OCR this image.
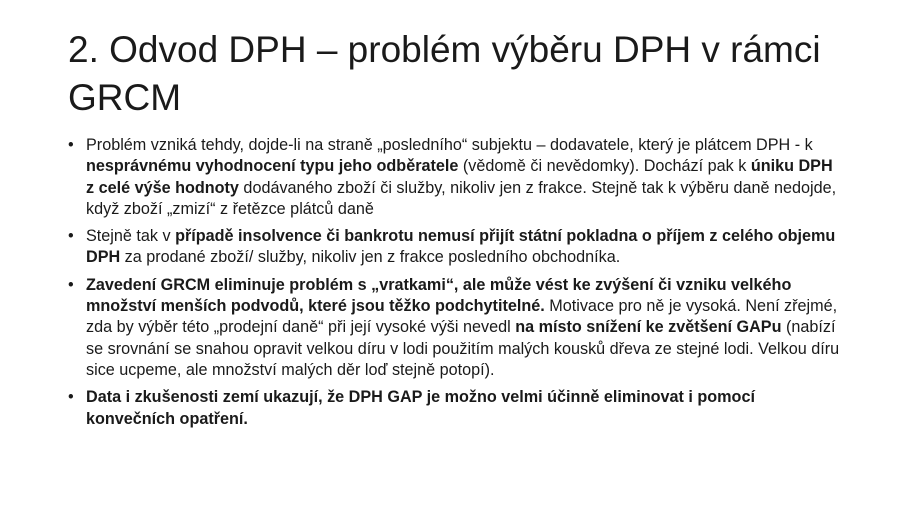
2. Odvod DPH – problém výběru DPH v rámci GRCM
• Problém vzniká tehdy, dojde-li na straně „posledního“ subjektu – dodavatele, který je plátcem DPH - k nesprávnému vyhodnocení typu jeho odběratele (vědomě či nevědomky). Dochází pak k úniku DPH z celé výše hodnoty dodávaného zboží či služby, nikoliv jen z frakce. Stejně tak k výběru daně nedojde, když zboží „zmizí“ z řetězce plátců daně
• Stejně tak v případě insolvence či bankrotu nemusí přijít státní pokladna o příjem z celého objemu DPH za prodané zboží/ služby, nikoliv jen z frakce posledního obchodníka.
• Zavedení GRCM eliminuje problém s „vratkami“, ale může vést ke zvýšení či vzniku velkého množství menších podvodů, které jsou těžko podchytitelné. Motivace pro ně je vysoká. Není zřejmé, zda by výběr této „prodejní daně“ při její vysoké výši nevedl na místo snížení ke zvětšení GAPu (nabízí se srovnání se snahou opravit velkou díru v lodi použitím malých kousků dřeva ze stejné lodi. Velkou díru sice ucpeme, ale množství malých děr loď stejně potopí).
• Data i zkušenosti zemí ukazují, že DPH GAP je možno velmi účinně eliminovat i pomocí konvečních opatření.
